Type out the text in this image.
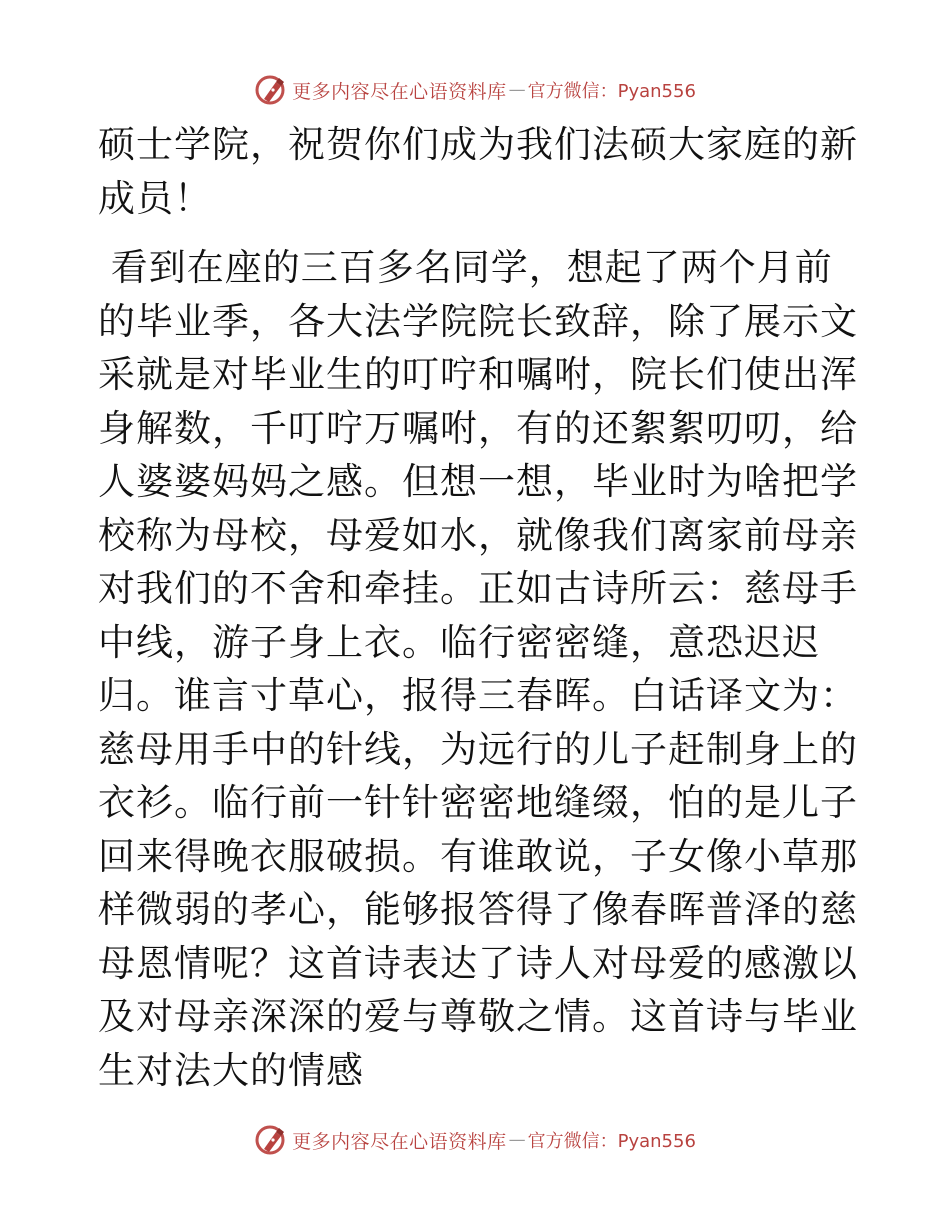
更多内容尽在心语资料库 — 官方微信：Pyan556

硕士学院，祝贺你们成为我们法硕大家庭的新成员！

看到在座的三百多名同学，想起了两个月前的毕业季，各大法学院院长致辞，除了展示文采就是对毕业生的叮咛和嘱咐，院长们使出浑身解数，千叮咛万嘱咐，有的还絮絮叨叨，给人婆婆妈妈之感。但想一想，毕业时为啥把学校称为母校，母爱如水，就像我们离家前母亲对我们的不舍和牵挂。正如古诗所云：慈母手中线，游子身上衣。临行密密缝，意恐迟迟归。谁言寸草心，报得三春晖。白话译文为：慈母用手中的针线，为远行的儿子赶制身上的衣衫。临行前一针针密密地缝缀，怕的是儿子回来得晚衣服破损。有谁敢说，子女像小草那样微弱的孝心，能够报答得了像春晖普泽的慈母恩情呢？这首诗表达了诗人对母爱的感激以及对母亲深深的爱与尊敬之情。这首诗与毕业生对法大的情感

更多内容尽在心语资料库 — 官方微信：Pyan556
